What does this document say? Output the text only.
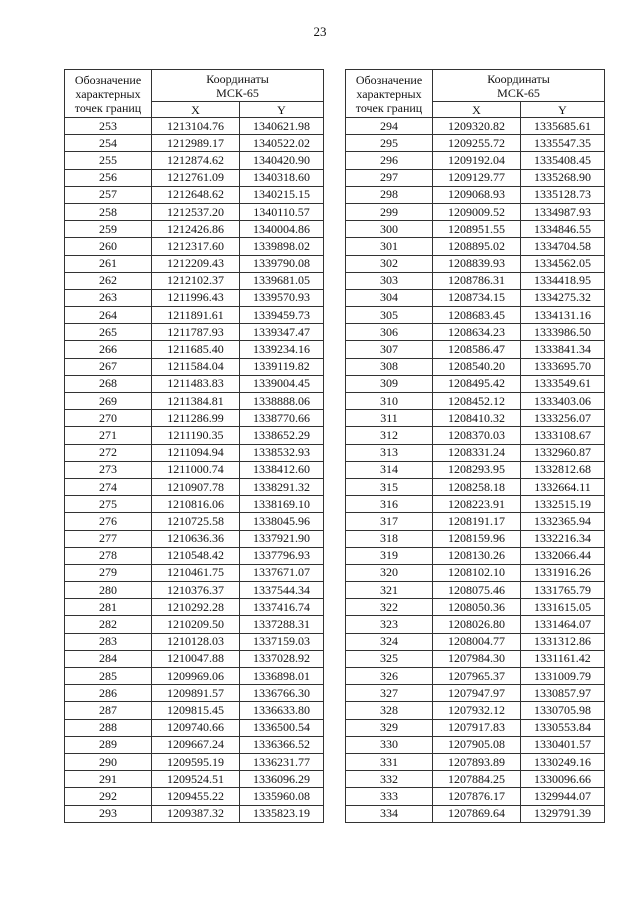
23
Обозначение
характерных
точек границ	Координаты
МСК-65	
	X	Y
253	1213104.76	1340621.98
254	1212989.17	1340522.02
255	1212874.62	1340420.90
256	1212761.09	1340318.60
257	1212648.62	1340215.15
258	1212537.20	1340110.57
259	1212426.86	1340004.86
260	1212317.60	1339898.02
261	1212209.43	1339790.08
262	1212102.37	1339681.05
263	1211996.43	1339570.93
264	1211891.61	1339459.73
265	1211787.93	1339347.47
266	1211685.40	1339234.16
267	1211584.04	1339119.82
268	1211483.83	1339004.45
269	1211384.81	1338888.06
270	1211286.99	1338770.66
271	1211190.35	1338652.29
272	1211094.94	1338532.93
273	1211000.74	1338412.60
274	1210907.78	1338291.32
275	1210816.06	1338169.10
276	1210725.58	1338045.96
277	1210636.36	1337921.90
278	1210548.42	1337796.93
279	1210461.75	1337671.07
280	1210376.37	1337544.34
281	1210292.28	1337416.74
282	1210209.50	1337288.31
283	1210128.03	1337159.03
284	1210047.88	1337028.92
285	1209969.06	1336898.01
286	1209891.57	1336766.30
287	1209815.45	1336633.80
288	1209740.66	1336500.54
289	1209667.24	1336366.52
290	1209595.19	1336231.77
291	1209524.51	1336096.29
292	1209455.22	1335960.08
293	1209387.32	1335823.19
Обозначение
характерных
точек границ	Координаты
МСК-65	
	X	Y
294	1209320.82	1335685.61
295	1209255.72	1335547.35
296	1209192.04	1335408.45
297	1209129.77	1335268.90
298	1209068.93	1335128.73
299	1209009.52	1334987.93
300	1208951.55	1334846.55
301	1208895.02	1334704.58
302	1208839.93	1334562.05
303	1208786.31	1334418.95
304	1208734.15	1334275.32
305	1208683.45	1334131.16
306	1208634.23	1333986.50
307	1208586.47	1333841.34
308	1208540.20	1333695.70
309	1208495.42	1333549.61
310	1208452.12	1333403.06
311	1208410.32	1333256.07
312	1208370.03	1333108.67
313	1208331.24	1332960.87
314	1208293.95	1332812.68
315	1208258.18	1332664.11
316	1208223.91	1332515.19
317	1208191.17	1332365.94
318	1208159.96	1332216.34
319	1208130.26	1332066.44
320	1208102.10	1331916.26
321	1208075.46	1331765.79
322	1208050.36	1331615.05
323	1208026.80	1331464.07
324	1208004.77	1331312.86
325	1207984.30	1331161.42
326	1207965.37	1331009.79
327	1207947.97	1330857.97
328	1207932.12	1330705.98
329	1207917.83	1330553.84
330	1207905.08	1330401.57
331	1207893.89	1330249.16
332	1207884.25	1330096.66
333	1207876.17	1329944.07
334	1207869.64	1329791.39
